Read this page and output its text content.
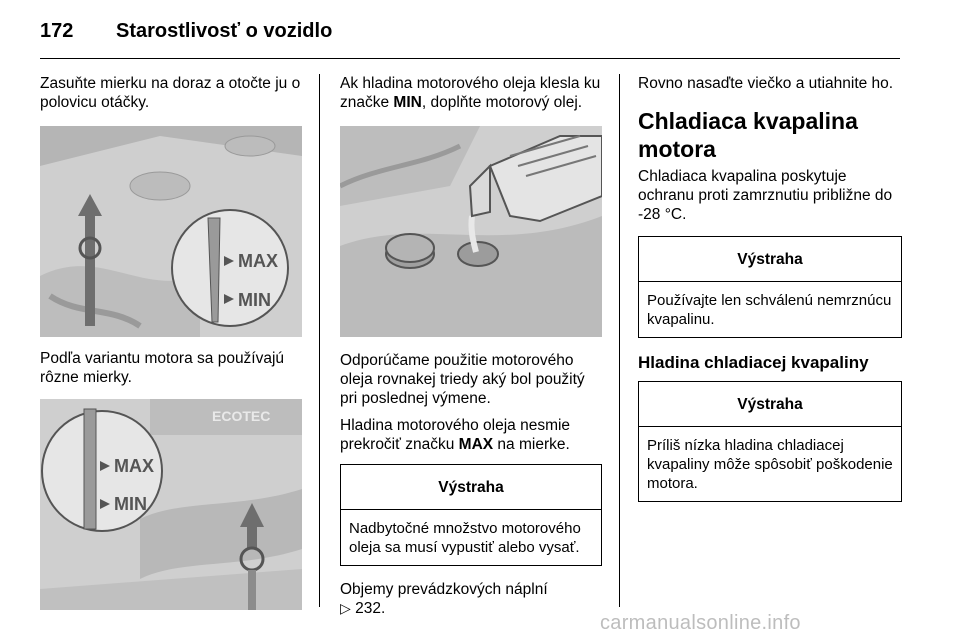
172 Starostlivosť o vozidlo

Zasuňte mierku na doraz a otočte ju o polovicu otáčky.

MAX
MIN

Podľa variantu motora sa používajú rôzne mierky.

ECOTEC
MAX
MIN

Ak hladina motorového oleja klesla ku značke MIN, doplňte motorový olej.

Odporúčame použitie motorového oleja rovnakej triedy aký bol použitý pri poslednej výmene.

Hladina motorového oleja nesmie prekročiť značku MAX na mierke.

Výstraha
Nadbytočné množstvo motorového oleja sa musí vypustiť alebo vysať.

Objemy prevádzkových náplní

▷ 232.

Rovno nasaďte viečko a utiahnite ho.

Chladiaca kvapalina motora

Chladiaca kvapalina poskytuje ochranu proti zamrznutiu približne do -28 °C.

Výstraha
Používajte len schválenú nemrznúcu kvapalinu.
Hladina chladiacej kvapaliny
Výstraha
Príliš nízka hladina chladiacej kvapaliny môže spôsobiť poškodenie motora.
carmanualsonline.info
